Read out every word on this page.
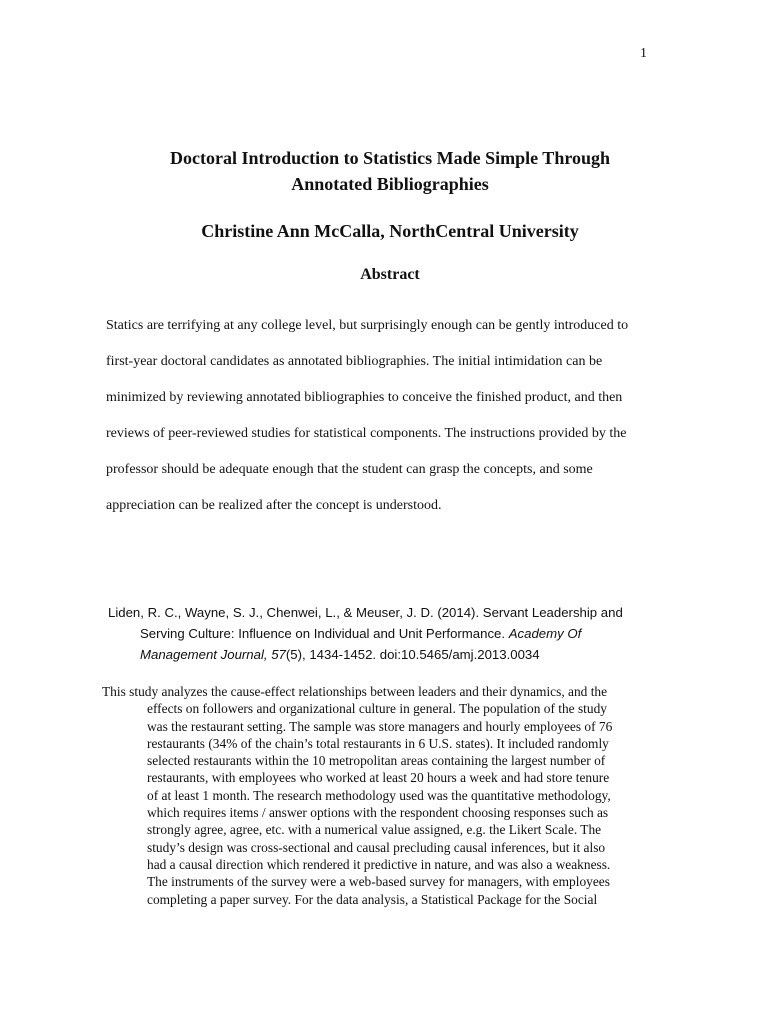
1
Doctoral Introduction to Statistics Made Simple Through
Annotated Bibliographies
Christine Ann McCalla, NorthCentral University
Abstract
Statics are terrifying at any college level, but surprisingly enough can be gently introduced to
first-year doctoral candidates as annotated bibliographies. The initial intimidation can be
minimized by reviewing annotated bibliographies to conceive the finished product, and then
reviews of peer-reviewed studies for statistical components. The instructions provided by the
professor should be adequate enough that the student can grasp the concepts, and some
appreciation can be realized after the concept is understood.
Liden, R. C., Wayne, S. J., Chenwei, L., & Meuser, J. D. (2014). Servant Leadership and
Serving Culture: Influence on Individual and Unit Performance. Academy Of
Management Journal, 57(5), 1434-1452. doi:10.5465/amj.2013.0034
This study analyzes the cause-effect relationships between leaders and their dynamics, and the
effects on followers and organizational culture in general. The population of the study
was the restaurant setting. The sample was store managers and hourly employees of 76
restaurants (34% of the chain’s total restaurants in 6 U.S. states). It included randomly
selected restaurants within the 10 metropolitan areas containing the largest number of
restaurants, with employees who worked at least 20 hours a week and had store tenure
of at least 1 month. The research methodology used was the quantitative methodology,
which requires items / answer options with the respondent choosing responses such as
strongly agree, agree, etc. with a numerical value assigned, e.g. the Likert Scale. The
study’s design was cross-sectional and causal precluding causal inferences, but it also
had a causal direction which rendered it predictive in nature, and was also a weakness.
The instruments of the survey were a web-based survey for managers, with employees
completing a paper survey. For the data analysis, a Statistical Package for the Social
